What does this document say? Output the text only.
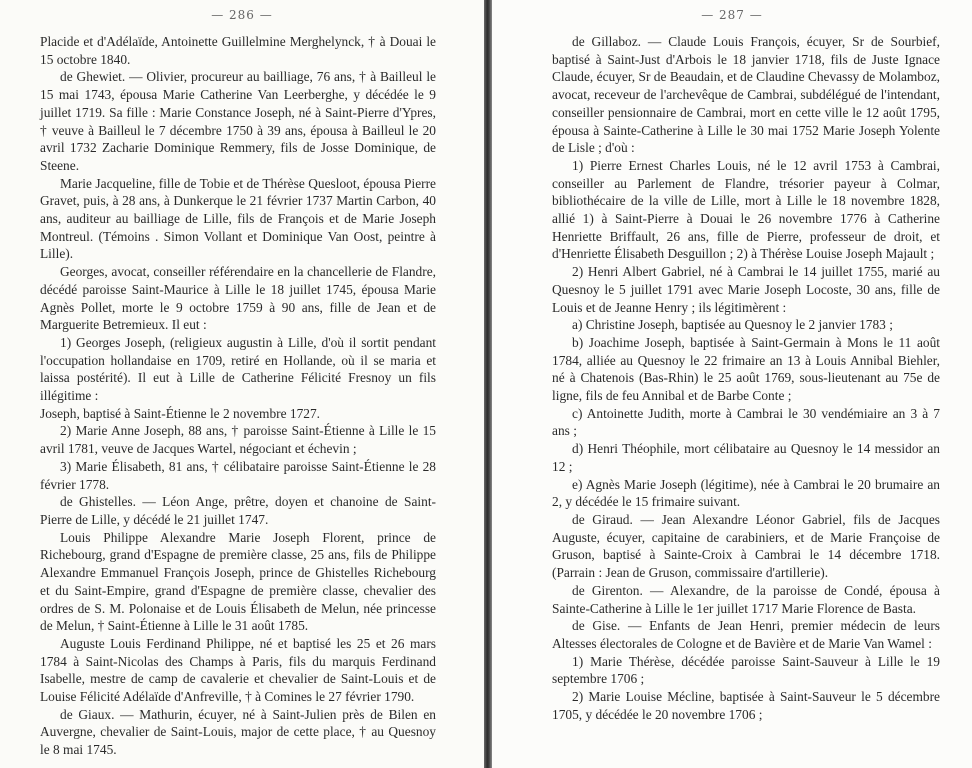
— 286 —

Placide et d'Adélaïde, Antoinette Guillelmine Merghelynck, † à Douai le 15 octobre 1840.

de Ghewiet. — Olivier, procureur au bailliage, 76 ans, † à Bailleul le 15 mai 1743, épousa Marie Catherine Van Leerberghe, y décédée le 9 juillet 1719. Sa fille : Marie Constance Joseph, né à Saint-Pierre d'Ypres, † veuve à Bailleul le 7 décembre 1750 à 39 ans, épousa à Bailleul le 20 avril 1732 Zacharie Dominique Remmery, fils de Josse Dominique, de Steene.

Marie Jacqueline, fille de Tobie et de Thérèse Quesloot, épousa Pierre Gravet, puis, à 28 ans, à Dunkerque le 21 février 1737 Martin Carbon, 40 ans, auditeur au bailliage de Lille, fils de François et de Marie Joseph Montreul. (Témoins . Simon Vollant et Dominique Van Oost, peintre à Lille).

Georges, avocat, conseiller référendaire en la chancellerie de Flandre, décédé paroisse Saint-Maurice à Lille le 18 juillet 1745, épousa Marie Agnès Pollet, morte le 9 octobre 1759 à 90 ans, fille de Jean et de Marguerite Betremieux. Il eut :

1) Georges Joseph, (religieux augustin à Lille, d'où il sortit pendant l'occupation hollandaise en 1709, retiré en Hollande, où il se maria et laissa postérité). Il eut à Lille de Catherine Félicité Fresnoy un fils illégitime :

Joseph, baptisé à Saint-Étienne le 2 novembre 1727.

2) Marie Anne Joseph, 88 ans, † paroisse Saint-Étienne à Lille le 15 avril 1781, veuve de Jacques Wartel, négociant et échevin ;

3) Marie Élisabeth, 81 ans, † célibataire paroisse Saint-Étienne le 28 février 1778.

de Ghistelles. — Léon Ange, prêtre, doyen et chanoine de Saint-Pierre de Lille, y décédé le 21 juillet 1747.

Louis Philippe Alexandre Marie Joseph Florent, prince de Richebourg, grand d'Espagne de première classe, 25 ans, fils de Philippe Alexandre Emmanuel François Joseph, prince de Ghistelles Richebourg et du Saint-Empire, grand d'Espagne de première classe, chevalier des ordres de S. M. Polonaise et de Louis Élisabeth de Melun, née princesse de Melun, † Saint-Étienne à Lille le 31 août 1785.

Auguste Louis Ferdinand Philippe, né et baptisé les 25 et 26 mars 1784 à Saint-Nicolas des Champs à Paris, fils du marquis Ferdinand Isabelle, mestre de camp de cavalerie et chevalier de Saint-Louis et de Louise Félicité Adélaïde d'Anfreville, † à Comines le 27 février 1790.

de Giaux. — Mathurin, écuyer, né à Saint-Julien près de Bilen en Auvergne, chevalier de Saint-Louis, major de cette place, † au Quesnoy le 8 mai 1745.

— 287 —

de Gillaboz. — Claude Louis François, écuyer, Sr de Sourbief, baptisé à Saint-Just d'Arbois le 18 janvier 1718, fils de Juste Ignace Claude, écuyer, Sr de Beaudain, et de Claudine Chevassy de Molamboz, avocat, receveur de l'archevêque de Cambrai, subdélégué de l'intendant, conseiller pensionnaire de Cambrai, mort en cette ville le 12 août 1795, épousa à Sainte-Catherine à Lille le 30 mai 1752 Marie Joseph Yolente de Lisle ; d'où :

1) Pierre Ernest Charles Louis, né le 12 avril 1753 à Cambrai, conseiller au Parlement de Flandre, trésorier payeur à Colmar, bibliothécaire de la ville de Lille, mort à Lille le 18 novembre 1828, allié 1) à Saint-Pierre à Douai le 26 novembre 1776 à Catherine Henriette Briffault, 26 ans, fille de Pierre, professeur de droit, et d'Henriette Élisabeth Desguillon ; 2) à Thérèse Louise Joseph Majault ;

2) Henri Albert Gabriel, né à Cambrai le 14 juillet 1755, marié au Quesnoy le 5 juillet 1791 avec Marie Joseph Locoste, 30 ans, fille de Louis et de Jeanne Henry ; ils légitimèrent :

a) Christine Joseph, baptisée au Quesnoy le 2 janvier 1783 ;

b) Joachime Joseph, baptisée à Saint-Germain à Mons le 11 août 1784, alliée au Quesnoy le 22 frimaire an 13 à Louis Annibal Biehler, né à Chatenois (Bas-Rhin) le 25 août 1769, sous-lieutenant au 75e de ligne, fils de feu Annibal et de Barbe Conte ;

c) Antoinette Judith, morte à Cambrai le 30 vendémiaire an 3 à 7 ans ;

d) Henri Théophile, mort célibataire au Quesnoy le 14 messidor an 12 ;

e) Agnès Marie Joseph (légitime), née à Cambrai le 20 brumaire an 2, y décédée le 15 frimaire suivant.

de Giraud. — Jean Alexandre Léonor Gabriel, fils de Jacques Auguste, écuyer, capitaine de carabiniers, et de Marie Françoise de Gruson, baptisé à Sainte-Croix à Cambrai le 14 décembre 1718. (Parrain : Jean de Gruson, commissaire d'artillerie).

de Girenton. — Alexandre, de la paroisse de Condé, épousa à Sainte-Catherine à Lille le 1er juillet 1717 Marie Florence de Basta.

de Gise. — Enfants de Jean Henri, premier médecin de leurs Altesses électorales de Cologne et de Bavière et de Marie Van Wamel :

1) Marie Thérèse, décédée paroisse Saint-Sauveur à Lille le 19 septembre 1706 ;

2) Marie Louise Mécline, baptisée à Saint-Sauveur le 5 décembre 1705, y décédée le 20 novembre 1706 ;
